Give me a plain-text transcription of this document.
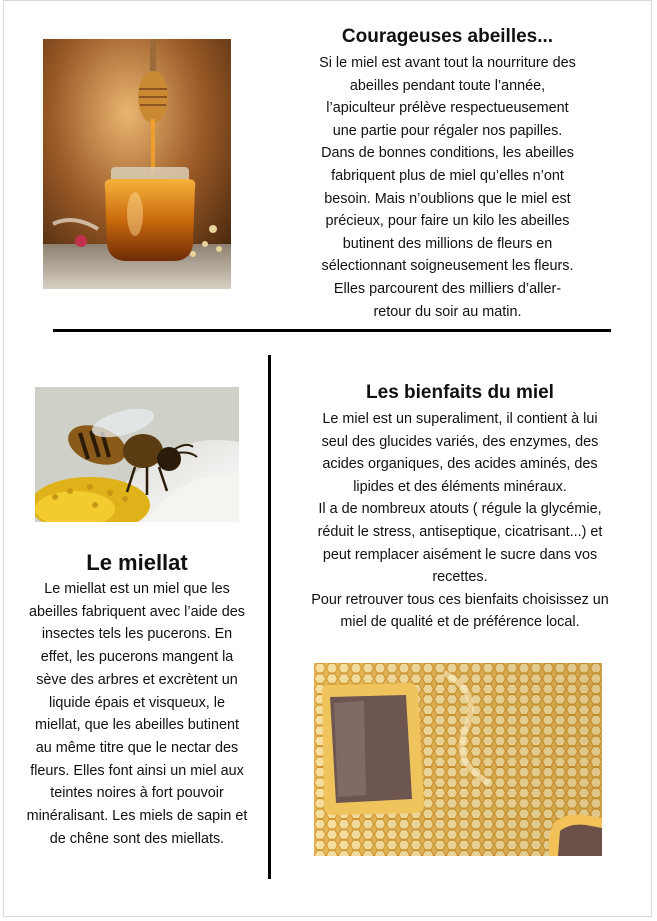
Courageuses abeilles...

Si le miel est avant tout la nourriture des
abeilles pendant toute l’année,
l’apiculteur prélève respectueusement
une partie pour régaler nos papilles.
Dans de bonnes conditions, les abeilles
fabriquent plus de miel qu’elles n’ont
besoin. Mais n’oublions que le miel est
précieux, pour faire un kilo les abeilles
butinent des millions de fleurs en
sélectionnant soigneusement les fleurs.
Elles parcourent des milliers d’aller-
retour du soir au matin.

Le miellat

Le miellat est un miel que les
abeilles fabriquent avec l’aide des
insectes tels les pucerons. En
effet, les pucerons mangent la
sève des arbres et excrètent un
liquide épais et visqueux, le
miellat, que les abeilles butinent
au même titre que le nectar des
fleurs. Elles font ainsi un miel aux
teintes noires à fort pouvoir
minéralisant. Les miels de sapin et
de chêne sont des miellats.

Les bienfaits du miel

Le miel est un superaliment, il contient à lui
seul des glucides variés, des enzymes, des
acides organiques, des acides aminés, des
lipides et des éléments minéraux.
Il a de nombreux atouts ( régule la glycémie,
réduit le stress, antiseptique, cicatrisant...) et
peut remplacer aisément le sucre dans vos
recettes.
Pour retrouver tous ces bienfaits choisissez un
miel de qualité et de préférence local.
